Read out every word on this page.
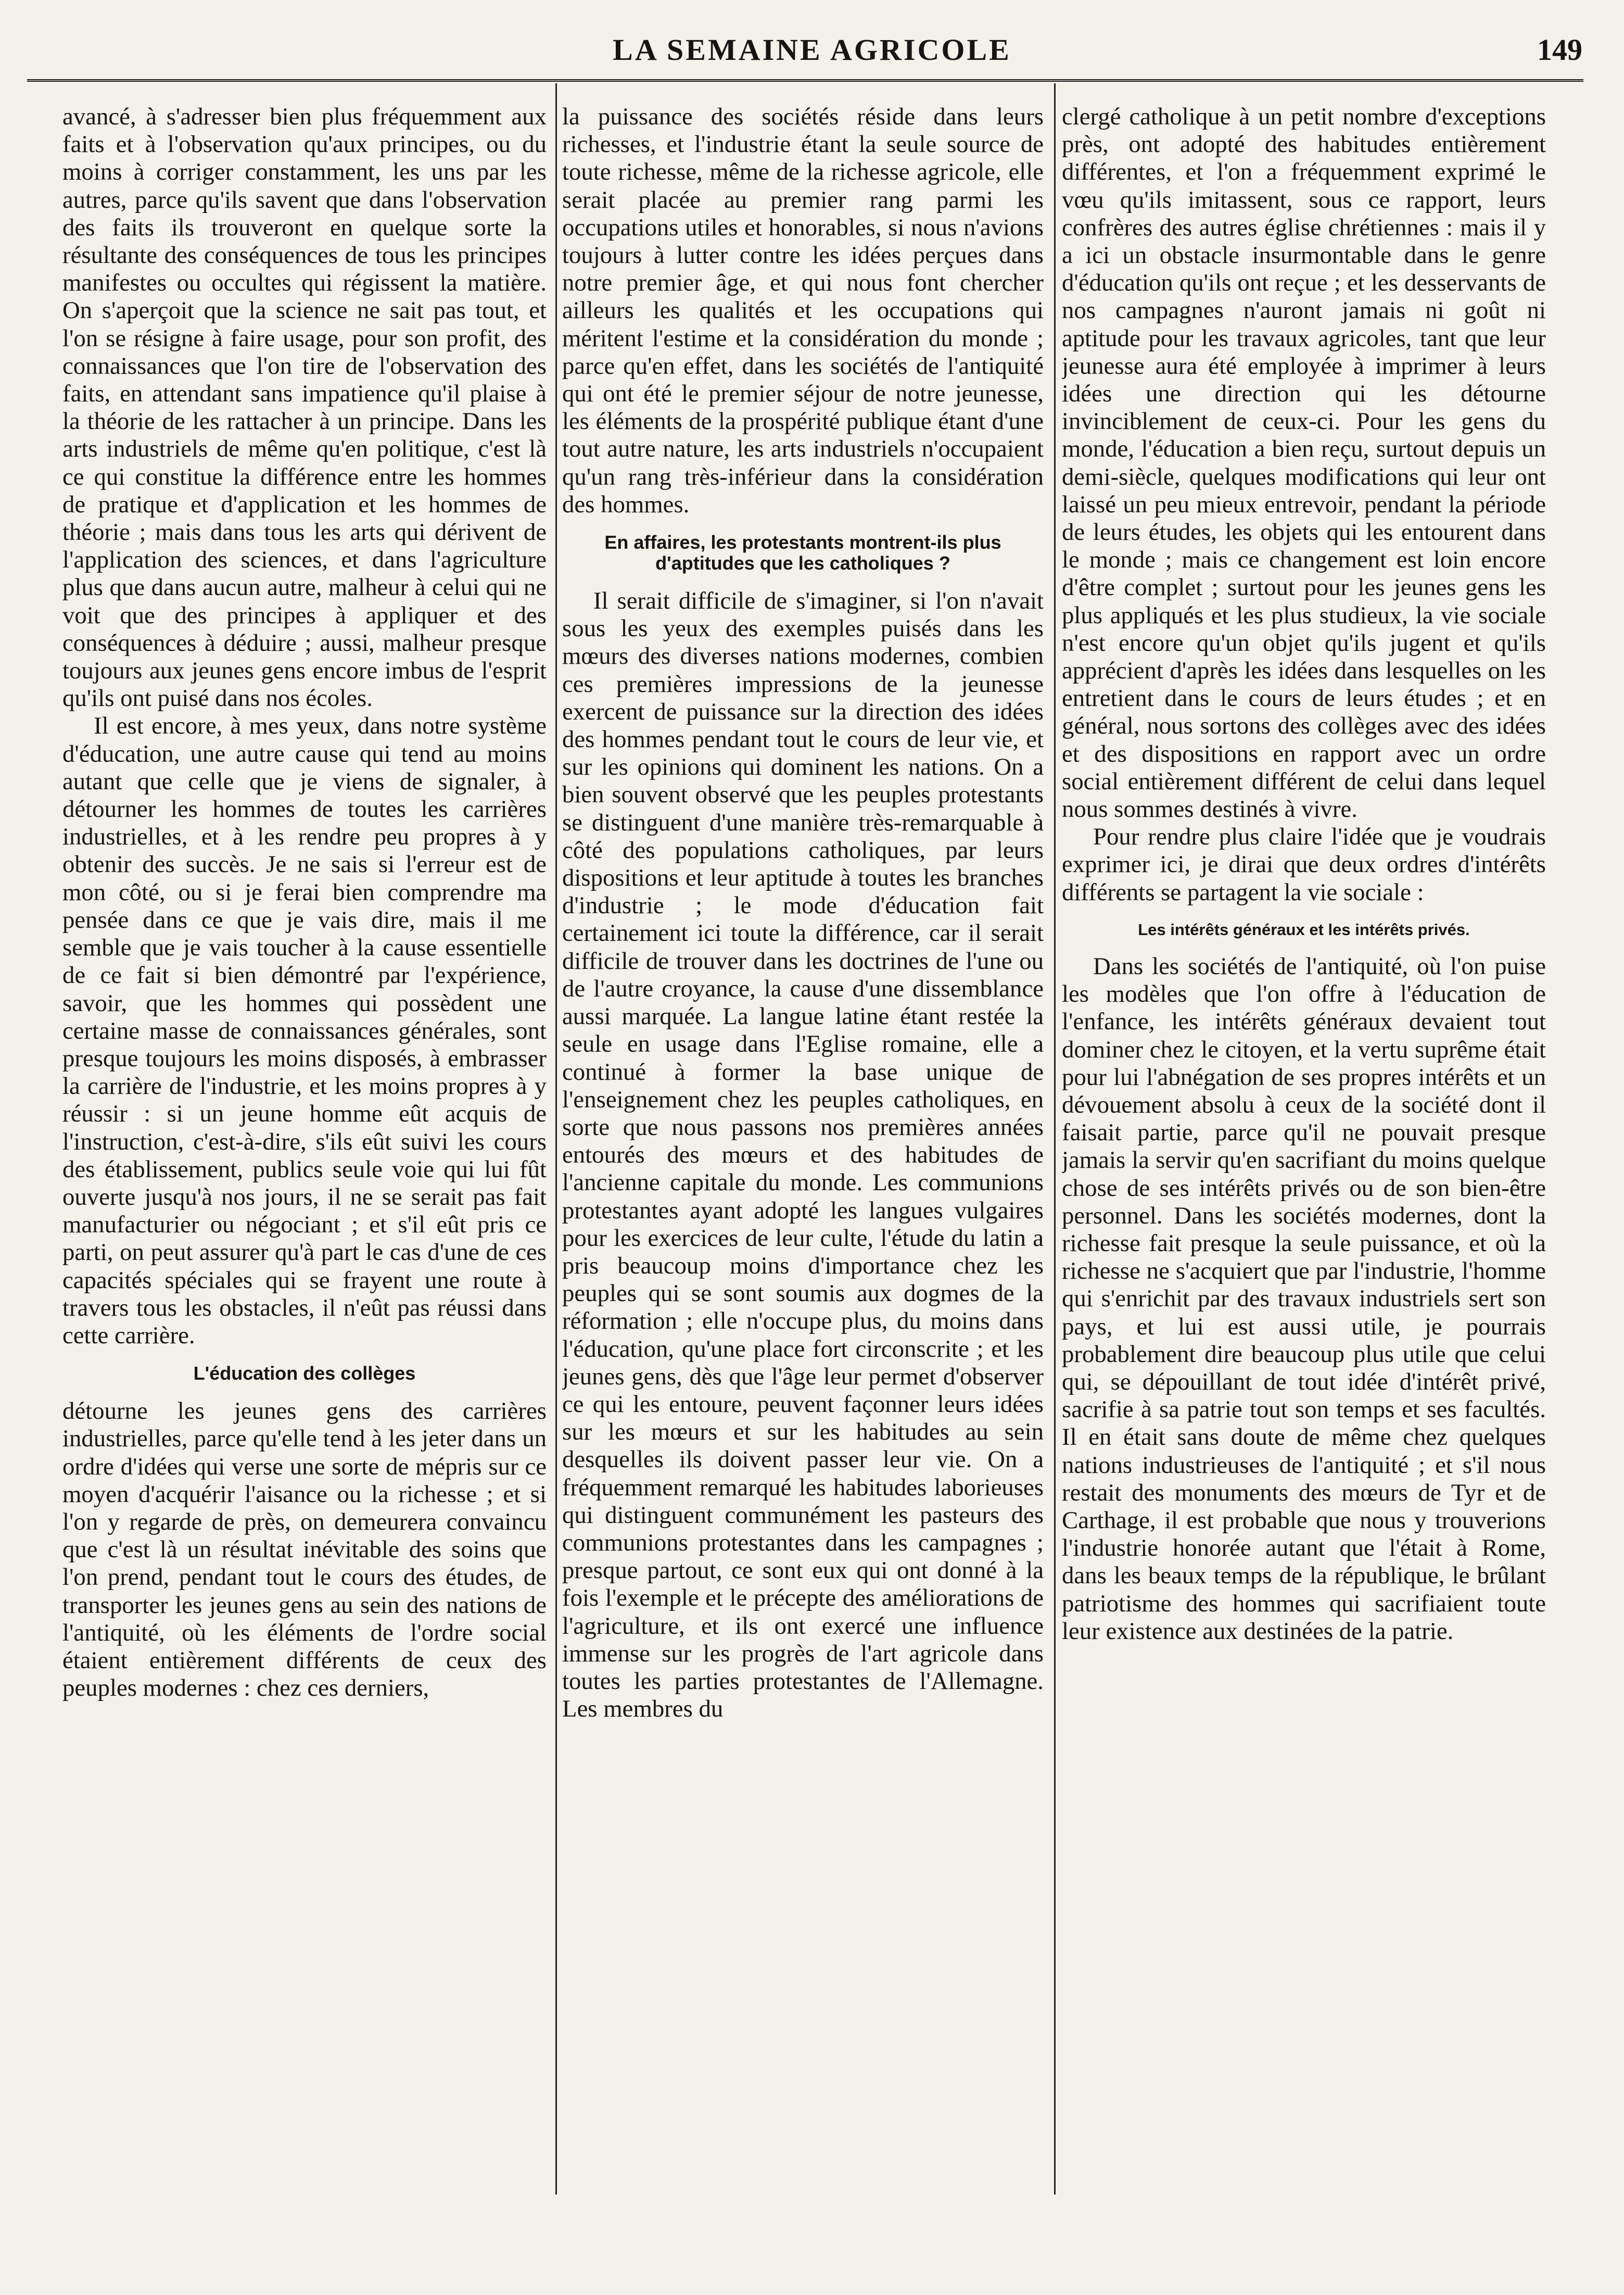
LA SEMAINE AGRICOLE	149

avancé, à s'adresser bien plus fréquemment aux faits et à l'observation qu'aux principes, ou du moins à corriger constamment, les uns par les autres, parce qu'ils savent que dans l'observation des faits ils trouveront en quelque sorte la résultante des conséquences de tous les principes manifestes ou occultes qui régissent la matière. On s'aperçoit que la science ne sait pas tout, et l'on se résigne à faire usage, pour son profit, des connaissances que l'on tire de l'observation des faits, en attendant sans impatience qu'il plaise à la théorie de les rattacher à un principe. Dans les arts industriels de même qu'en politique, c'est là ce qui constitue la différence entre les hommes de pratique et d'application et les hommes de théorie ; mais dans tous les arts qui dérivent de l'application des sciences, et dans l'agriculture plus que dans aucun autre, malheur à celui qui ne voit que des principes à appliquer et des conséquences à déduire ; aussi, malheur presque toujours aux jeunes gens encore imbus de l'esprit qu'ils ont puisé dans nos écoles.

Il est encore, à mes yeux, dans notre système d'éducation, une autre cause qui tend au moins autant que celle que je viens de signaler, à détourner les hommes de toutes les carrières industrielles, et à les rendre peu propres à y obtenir des succès. Je ne sais si l'erreur est de mon côté, ou si je ferai bien comprendre ma pensée dans ce que je vais dire, mais il me semble que je vais toucher à la cause essentielle de ce fait si bien démontré par l'expérience, savoir, que les hommes qui possèdent une certaine masse de connaissances générales, sont presque toujours les moins disposés, à embrasser la carrière de l'industrie, et les moins propres à y réussir : si un jeune homme eût acquis de l'instruction, c'est-à-dire, s'ils eût suivi les cours des établissement, publics seule voie qui lui fût ouverte jusqu'à nos jours, il ne se serait pas fait manufacturier ou négociant ; et s'il eût pris ce parti, on peut assurer qu'à part le cas d'une de ces capacités spéciales qui se frayent une route à travers tous les obstacles, il n'eût pas réussi dans cette carrière.

L'éducation des collèges

détourne les jeunes gens des carrières industrielles, parce qu'elle tend à les jeter dans un ordre d'idées qui verse une sorte de mépris sur ce moyen d'acquérir l'aisance ou la richesse ; et si l'on y regarde de près, on demeurera convaincu que c'est là un résultat inévitable des soins que l'on prend, pendant tout le cours des études, de transporter les jeunes gens au sein des nations de l'antiquité, où les éléments de l'ordre social étaient entièrement différents de ceux des peuples modernes : chez ces derniers,

la puissance des sociétés réside dans leurs richesses, et l'industrie étant la seule source de toute richesse, même de la richesse agricole, elle serait placée au premier rang parmi les occupations utiles et honorables, si nous n'avions toujours à lutter contre les idées perçues dans notre premier âge, et qui nous font chercher ailleurs les qualités et les occupations qui méritent l'estime et la considération du monde ; parce qu'en effet, dans les sociétés de l'antiquité qui ont été le premier séjour de notre jeunesse, les éléments de la prospérité publique étant d'une tout autre nature, les arts industriels n'occupaient qu'un rang très-inférieur dans la considération des hommes.

En affaires, les protestants montrent-ils plus d'aptitudes que les catholiques ?

Il serait difficile de s'imaginer, si l'on n'avait sous les yeux des exemples puisés dans les mœurs des diverses nations modernes, combien ces premières impressions de la jeunesse exercent de puissance sur la direction des idées des hommes pendant tout le cours de leur vie, et sur les opinions qui dominent les nations. On a bien souvent observé que les peuples protestants se distinguent d'une manière très-remarquable à côté des populations catholiques, par leurs dispositions et leur aptitude à toutes les branches d'industrie ; le mode d'éducation fait certainement ici toute la différence, car il serait difficile de trouver dans les doctrines de l'une ou de l'autre croyance, la cause d'une dissemblance aussi marquée. La langue latine étant restée la seule en usage dans l'Eglise romaine, elle a continué à former la base unique de l'enseignement chez les peuples catholiques, en sorte que nous passons nos premières années entourés des mœurs et des habitudes de l'ancienne capitale du monde. Les communions protestantes ayant adopté les langues vulgaires pour les exercices de leur culte, l'étude du latin a pris beaucoup moins d'importance chez les peuples qui se sont soumis aux dogmes de la réformation ; elle n'occupe plus, du moins dans l'éducation, qu'une place fort circonscrite ; et les jeunes gens, dès que l'âge leur permet d'observer ce qui les entoure, peuvent façonner leurs idées sur les mœurs et sur les habitudes au sein desquelles ils doivent passer leur vie. On a fréquemment remarqué les habitudes laborieuses qui distinguent communément les pasteurs des communions protestantes dans les campagnes ; presque partout, ce sont eux qui ont donné à la fois l'exemple et le précepte des améliorations de l'agriculture, et ils ont exercé une influence immense sur les progrès de l'art agricole dans toutes les parties protestantes de l'Allemagne. Les membres du

clergé catholique à un petit nombre d'exceptions près, ont adopté des habitudes entièrement différentes, et l'on a fréquemment exprimé le vœu qu'ils imitassent, sous ce rapport, leurs confrères des autres église chrétiennes : mais il y a ici un obstacle insurmontable dans le genre d'éducation qu'ils ont reçue ; et les desservants de nos campagnes n'auront jamais ni goût ni aptitude pour les travaux agricoles, tant que leur jeunesse aura été employée à imprimer à leurs idées une direction qui les détourne invinciblement de ceux-ci. Pour les gens du monde, l'éducation a bien reçu, surtout depuis un demi-siècle, quelques modifications qui leur ont laissé un peu mieux entrevoir, pendant la période de leurs études, les objets qui les entourent dans le monde ; mais ce changement est loin encore d'être complet ; surtout pour les jeunes gens les plus appliqués et les plus studieux, la vie sociale n'est encore qu'un objet qu'ils jugent et qu'ils apprécient d'après les idées dans lesquelles on les entretient dans le cours de leurs études ; et en général, nous sortons des collèges avec des idées et des dispositions en rapport avec un ordre social entièrement différent de celui dans lequel nous sommes destinés à vivre.

Pour rendre plus claire l'idée que je voudrais exprimer ici, je dirai que deux ordres d'intérêts différents se partagent la vie sociale :

Les intérêts généraux et les intérêts privés.

Dans les sociétés de l'antiquité, où l'on puise les modèles que l'on offre à l'éducation de l'enfance, les intérêts généraux devaient tout dominer chez le citoyen, et la vertu suprême était pour lui l'abnégation de ses propres intérêts et un dévouement absolu à ceux de la société dont il faisait partie, parce qu'il ne pouvait presque jamais la servir qu'en sacrifiant du moins quelque chose de ses intérêts privés ou de son bien-être personnel. Dans les sociétés modernes, dont la richesse fait presque la seule puissance, et où la richesse ne s'acquiert que par l'industrie, l'homme qui s'enrichit par des travaux industriels sert son pays, et lui est aussi utile, je pourrais probablement dire beaucoup plus utile que celui qui, se dépouillant de tout idée d'intérêt privé, sacrifie à sa patrie tout son temps et ses facultés. Il en était sans doute de même chez quelques nations industrieuses de l'antiquité ; et s'il nous restait des monuments des mœurs de Tyr et de Carthage, il est probable que nous y trouverions l'industrie honorée autant que l'était à Rome, dans les beaux temps de la république, le brûlant patriotisme des hommes qui sacrifiaient toute leur existence aux destinées de la patrie.
